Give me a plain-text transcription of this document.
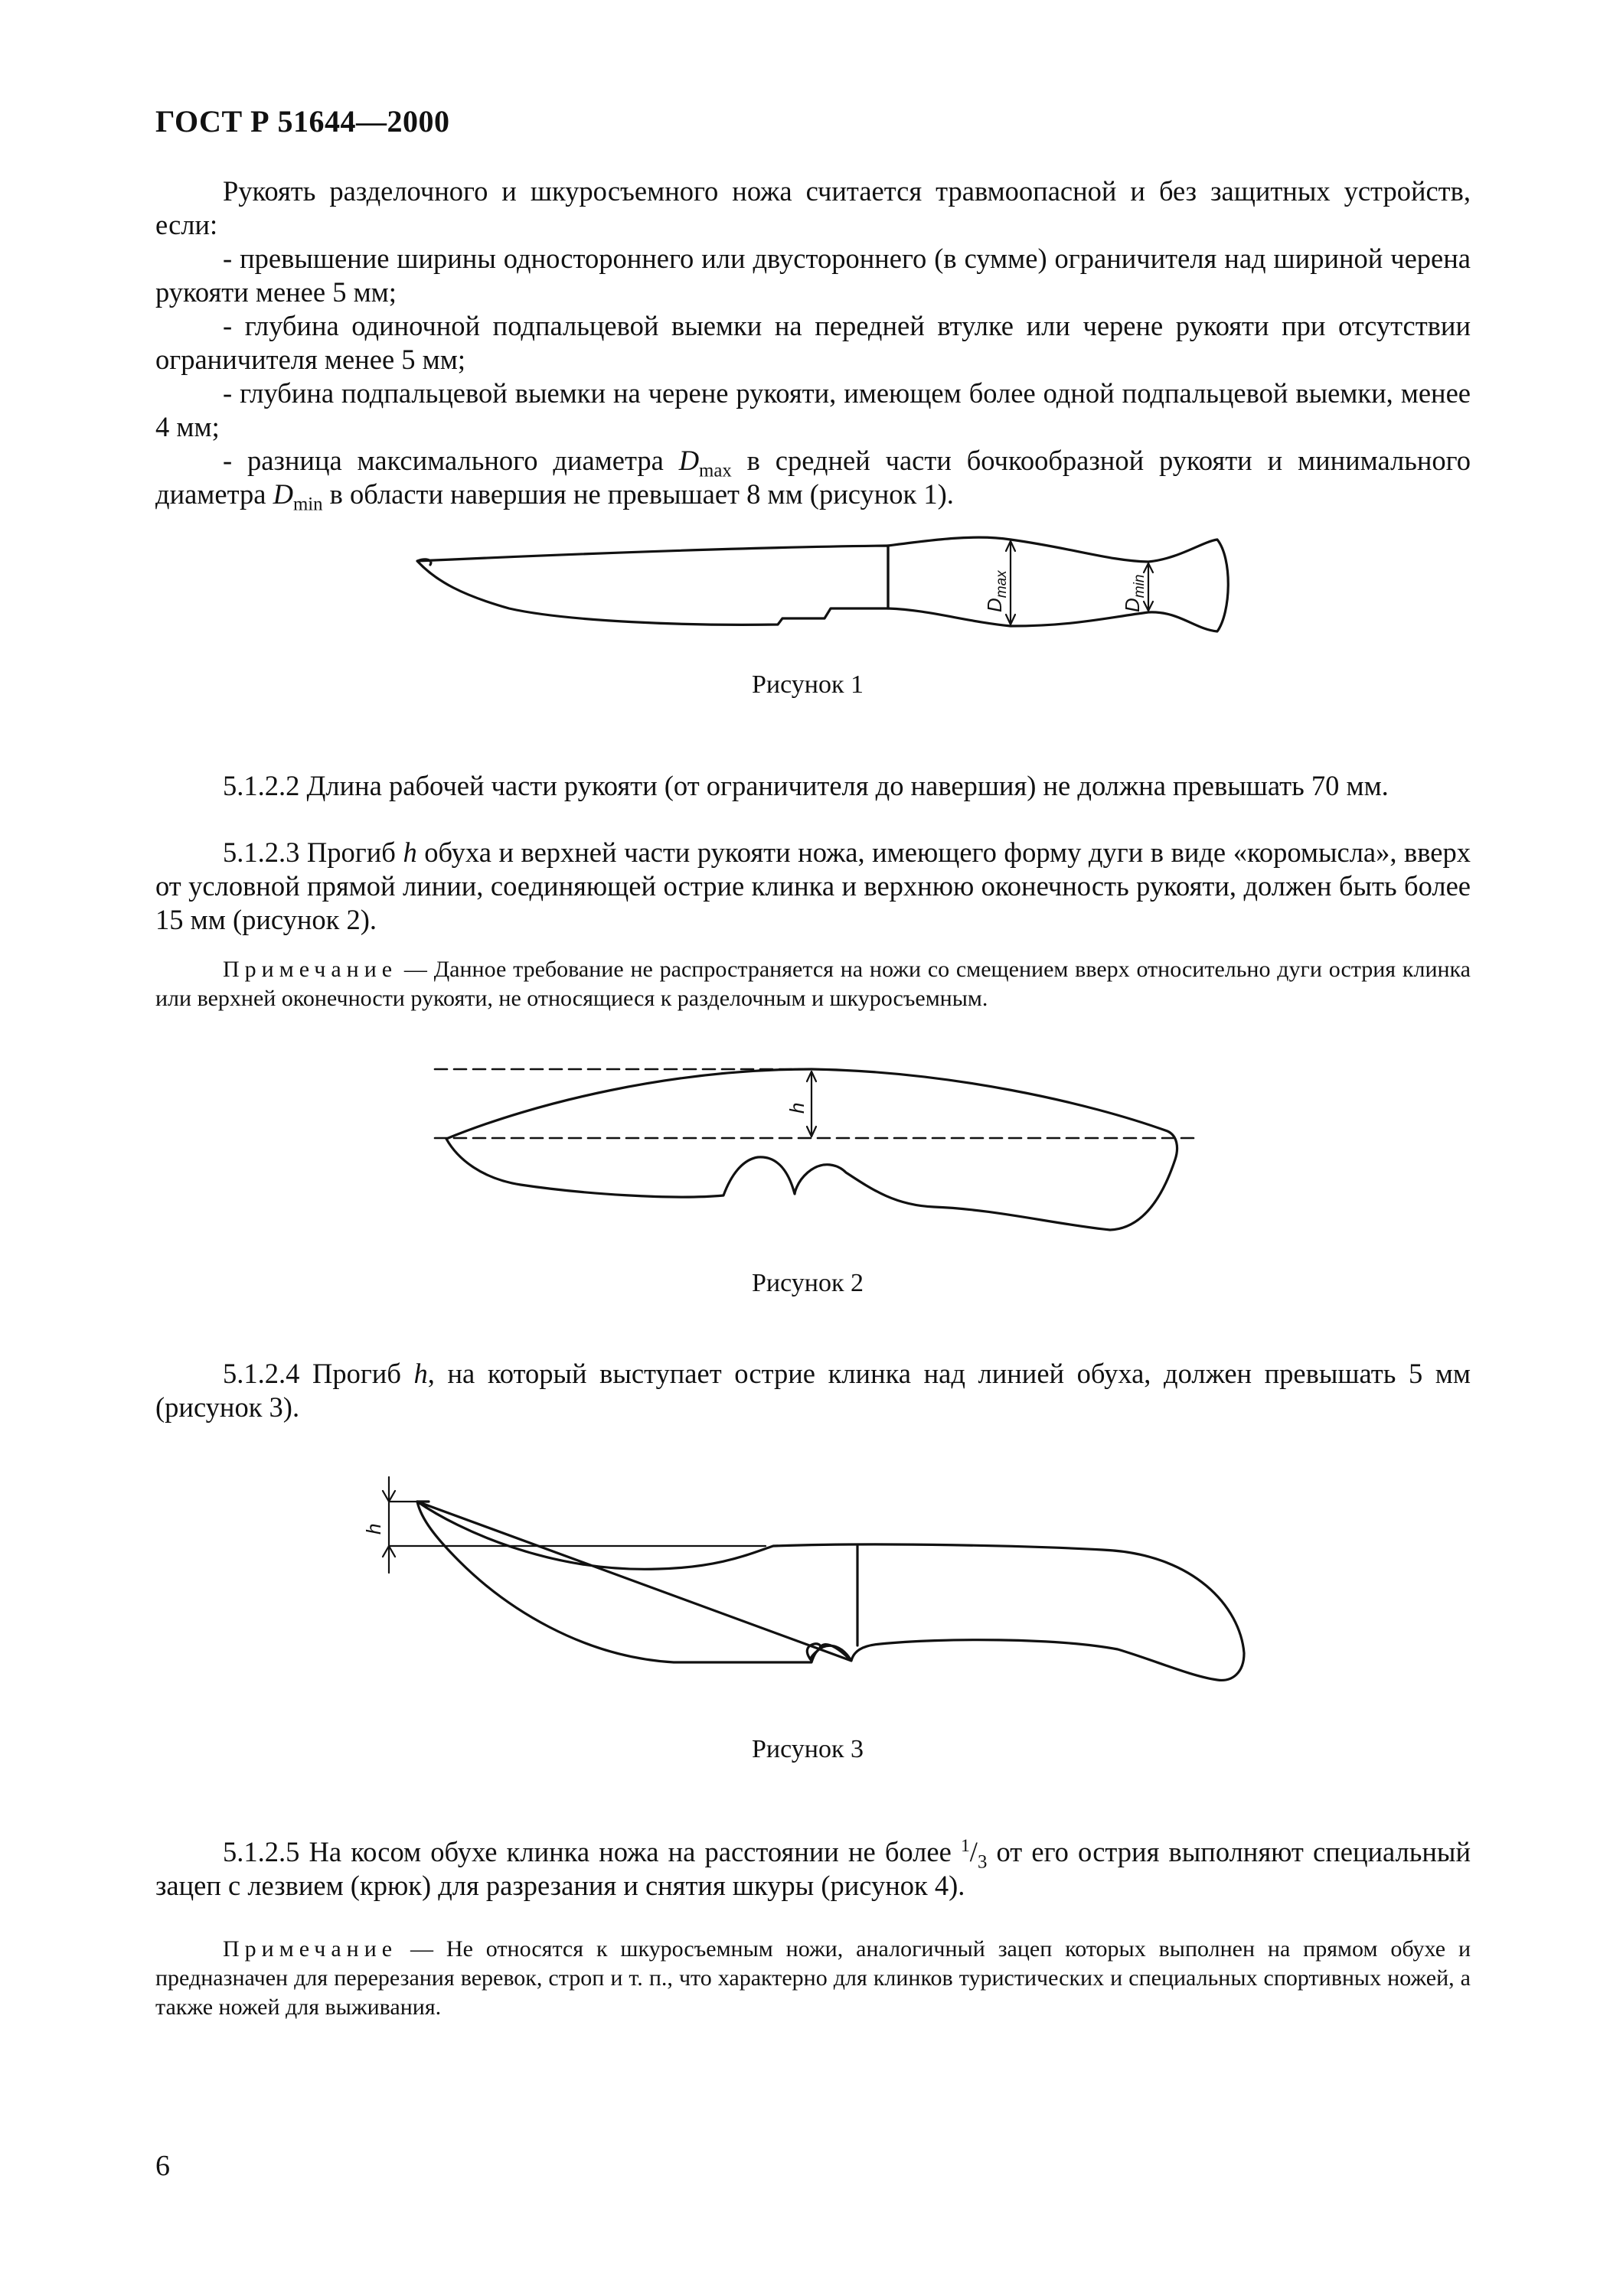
ГОСТ Р 51644—2000

Рукоять разделочного и шкуросъемного ножа считается травмоопасной и без защитных устройств, если:

- превышение ширины одностороннего или двустороннего (в сумме) ограничителя над шириной черена рукояти менее 5 мм;

- глубина одиночной подпальцевой выемки на передней втулке или черене рукояти при отсутствии ограничителя менее 5 мм;

- глубина подпальцевой выемки на черене рукояти, имеющем более одной подпальцевой выемки, менее 4 мм;

- разница максимального диаметра $D_{max}$ в средней части бочкообразной рукояти и минимального диаметра $D_{min}$ в области навершия не превышает 8 мм (рисунок 1).

$D_{max}$
$D_{min}$
Рисунок 1
5.1.2.2 Длина рабочей части рукояти (от ограничителя до навершия) не должна превышать 70 мм.
5.1.2.3 Прогиб h обуха и верхней части рукояти ножа, имеющего форму дуги в виде «коромысла», вверх от условной прямой линии, соединяющей острие клинка и верхнюю оконечность рукояти, должен быть более 15 мм (рисунок 2).
Примечание — Данное требование не распространяется на ножи со смещением вверх относительно дуги острия клинка или верхней оконечности рукояти, не относящиеся к разделочным и шкуросъемным.
h
Рисунок 2
5.1.2.4 Прогиб h, на который выступает острие клинка над линией обуха, должен превышать 5 мм (рисунок 3).
h
Рисунок 3
5.1.2.5 На косом обухе клинка ножа на расстоянии не более $^1/_3$ от его острия выполняют специальный зацеп с лезвием (крюк) для разрезания и снятия шкуры (рисунок 4).
Примечание — Не относятся к шкуросъемным ножи, аналогичный зацеп которых выполнен на прямом обухе и предназначен для перерезания веревок, строп и т. п., что характерно для клинков туристических и специальных спортивных ножей, а также ножей для выживания.
6
